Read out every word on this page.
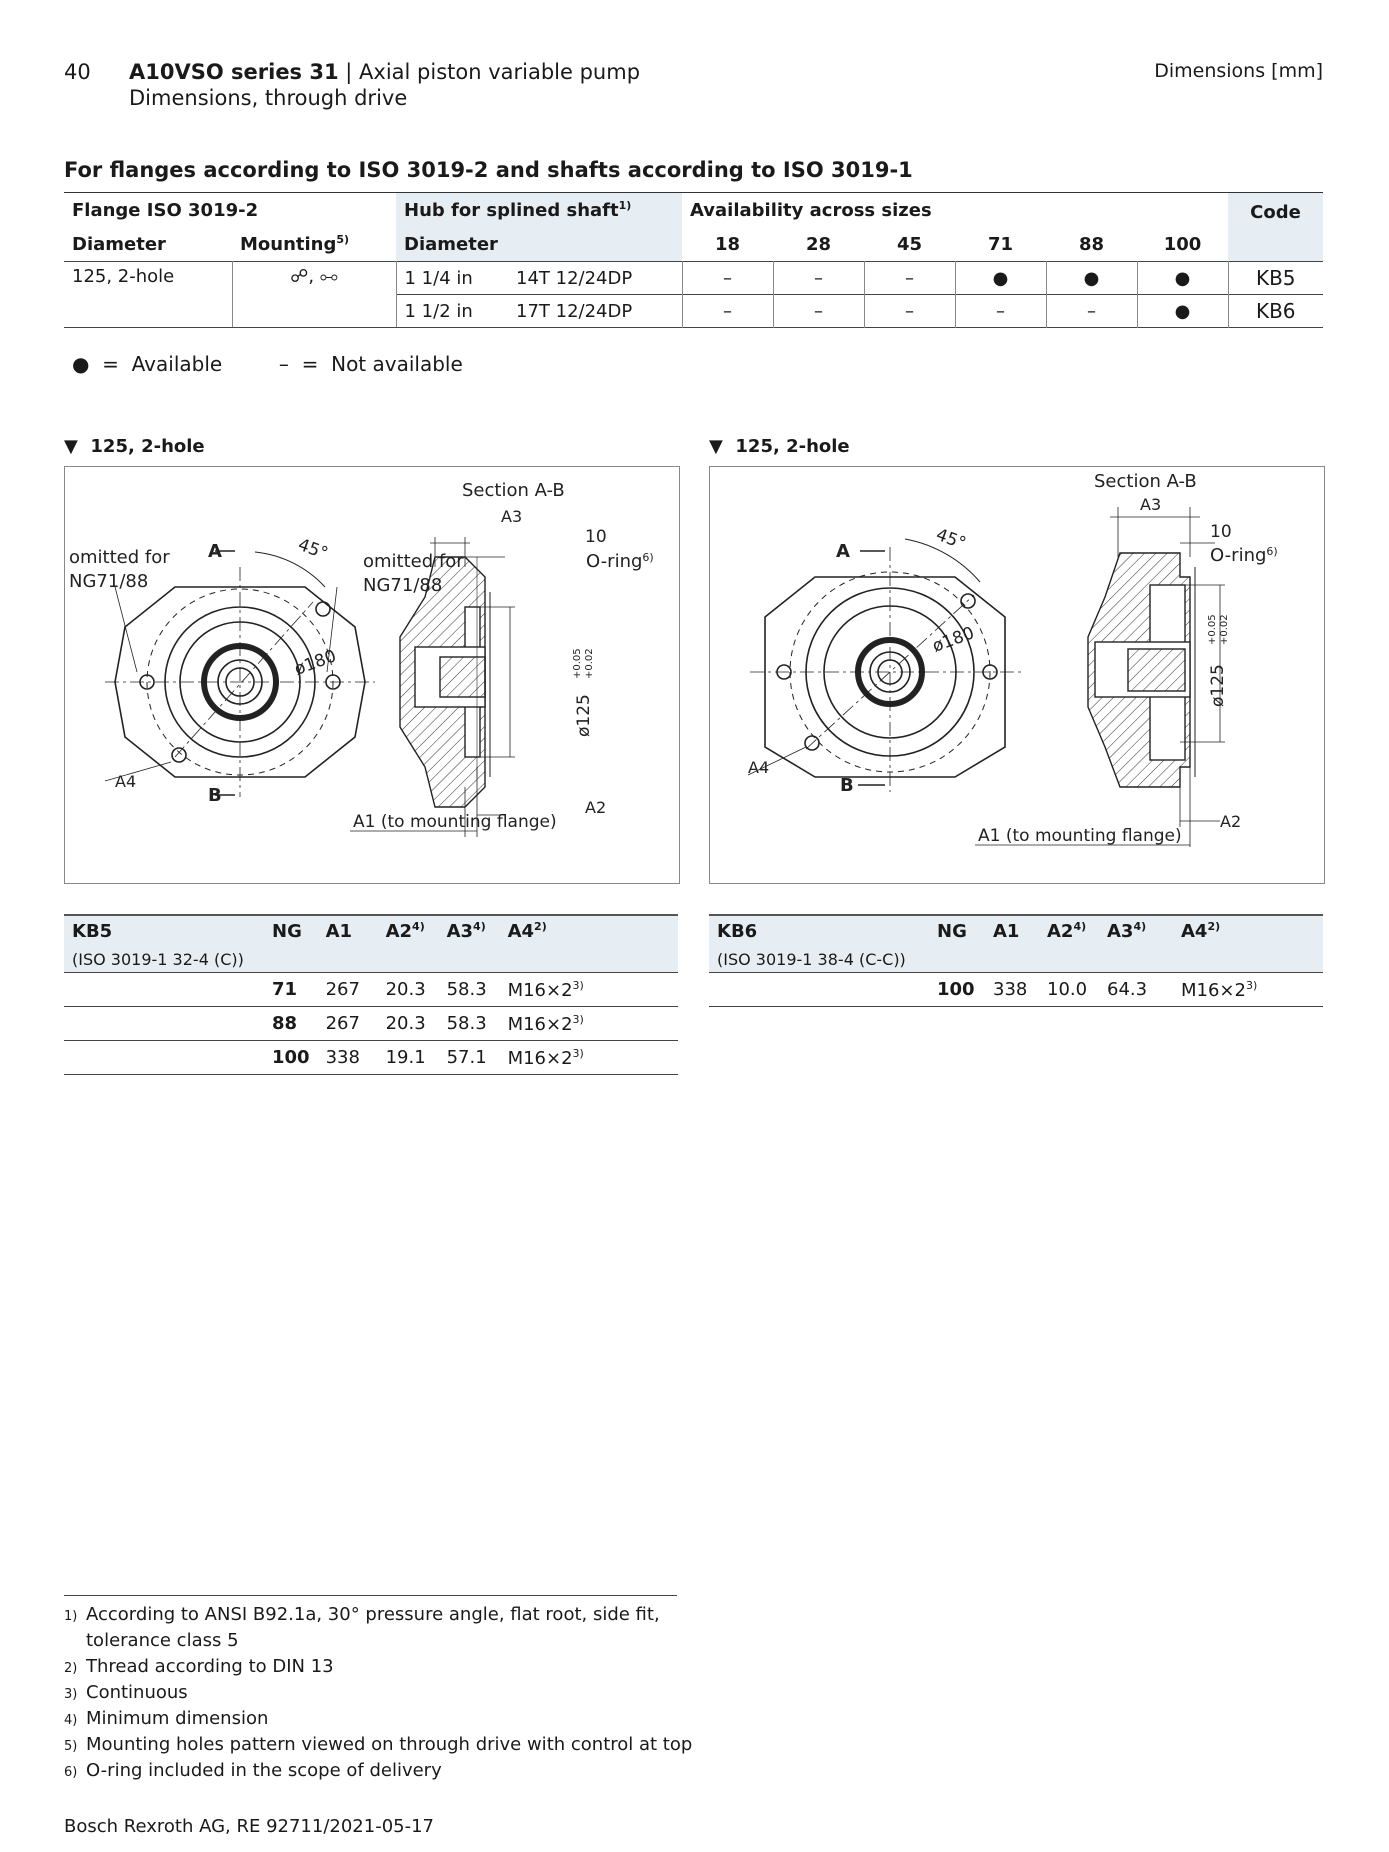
40 A10VSO series 31 | Axial piston variable pump
Dimensions, through drive
Dimensions [mm]
For flanges according to ISO 3019-2 and shafts according to ISO 3019-1
Flange ISO 3019-2		Hub for splined shaft$^{1)}$		Availability across sizes						Code
Diameter	Mounting$^{5)}$	Diameter		18	28	45	71	88	100	
125, 2-hole	☍, ⧟	1 1/4 in	14T 12/24DP	–	–	–	●	●	●	KB5
		1 1/2 in	17T 12/24DP	–	–	–	–	–	●	KB6
● = Available	– = Not available
▼ 125, 2-hole	▼ 125, 2-hole
Section A-B
A3
10
O-ring$^{6)}$
omitted for
NG71/88
omitted for
NG71/88
A
B
45°
ø180
ø125
+0.05 +0.02
A4
A2
A1 (to mounting flange)
Section A-B
A3
10
O-ring$^{6)}$
A
B
45°
ø180
ø125
+0.05 +0.02
A4
A2
A1 (to mounting flange)
KB5	NG	A1	A2$^{4)}$	A3$^{4)}$	A4$^{2)}$
(ISO 3019-1 32-4 (C))					
	71	267	20.3	58.3	$M16\times 2^{3)}$
	88	267	20.3	58.3	$M16\times 2^{3)}$
	100	338	19.1	57.1	$M16\times 2^{3)}$
KB6	NG	A1	A2$^{4)}$	A3$^{4)}$	A4$^{2)}$
(ISO 3019-1 38-4 (C-C))					
	100	338	10.0	64.3	$M16\times 2^{3)}$
1) According to ANSI B92.1a, 30° pressure angle, flat root, side fit,
tolerance class 5
2) Thread according to DIN 13
3) Continuous
4) Minimum dimension
5) Mounting holes pattern viewed on through drive with control at top
6) O-ring included in the scope of delivery
Bosch Rexroth AG, RE 92711/2021-05-17
